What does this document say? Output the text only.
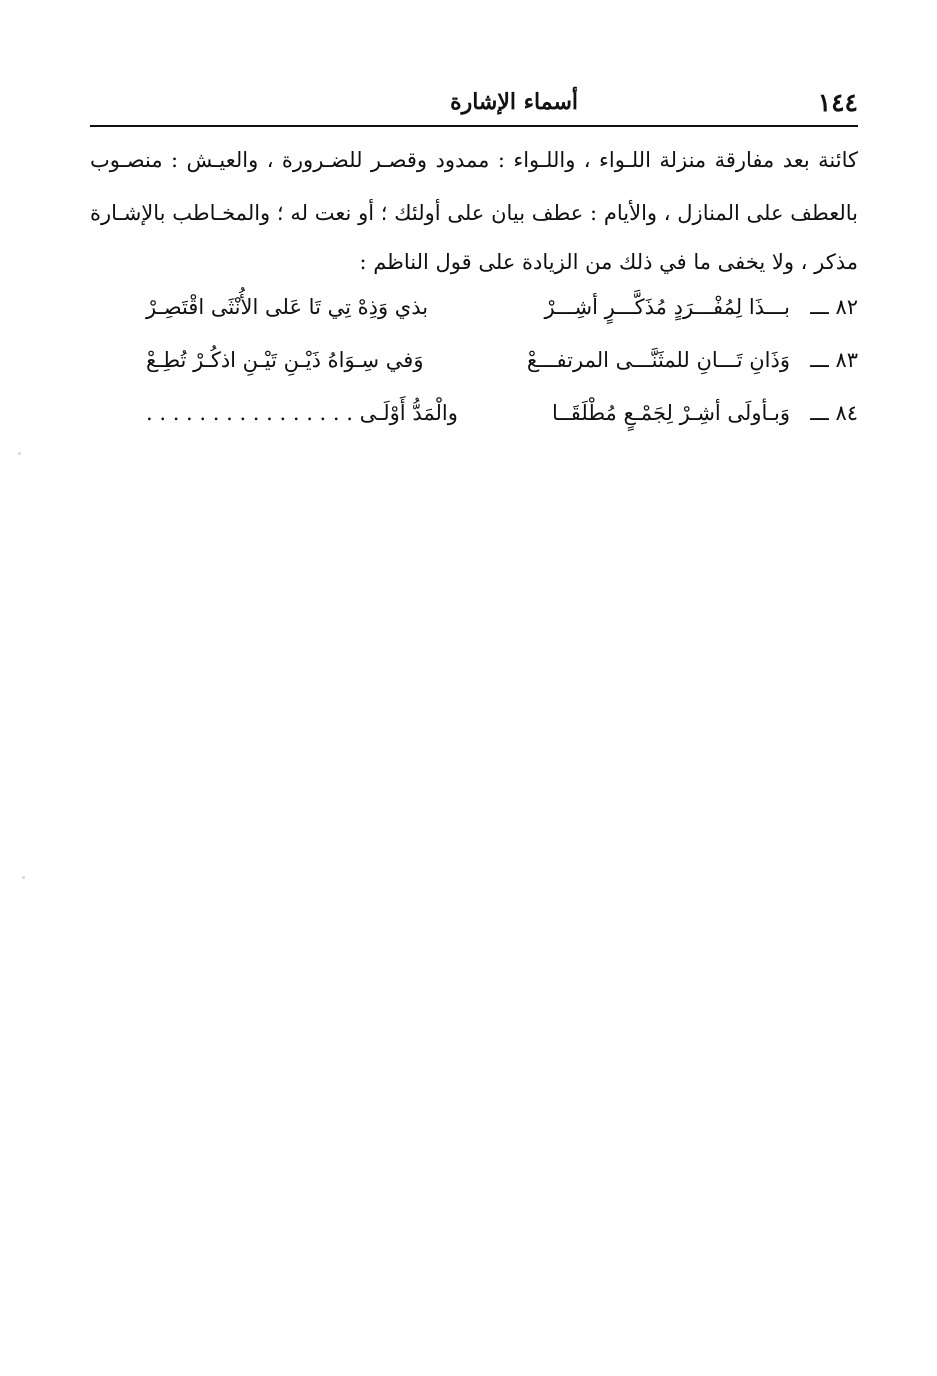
١٤٤
أسماء الإشارة
كائنة بعد مفارقة منزلة اللـواء ، واللـواء : ممدود وقصـر للضـرورة ، والعيـش : منصـوب
بالعطف على المنازل ، والأيام : عطف بيان على أولئك ؛ أو نعت له ؛ والمخـاطب بالإشـارة
مذكر ، ولا يخفى ما في ذلك من الزيادة على قول الناظم :
٨٢ ـــ
بـــذَا لِمُفْـــرَدٍ مُذَكَّـــرٍ أشِـــرْ
بذي وَذِهْ تِي تَا عَلى الأُنْثَى اقْتَصِـرْ
٨٣ ـــ
وَذَانِ تَـــانِ للمثَنَّـــى المرتفـــعْ
وَفي سِـوَاهُ ذَيْـنِ تَيْـنِ اذكُـرْ تُطِـعْ
٨٤ ـــ
وَبـأولَى أشِـرْ لِجَمْـعٍ مُطْلَقَــا
والْمَدُّ أَوْلَـى . . . . . . . . . . . . . . . .
